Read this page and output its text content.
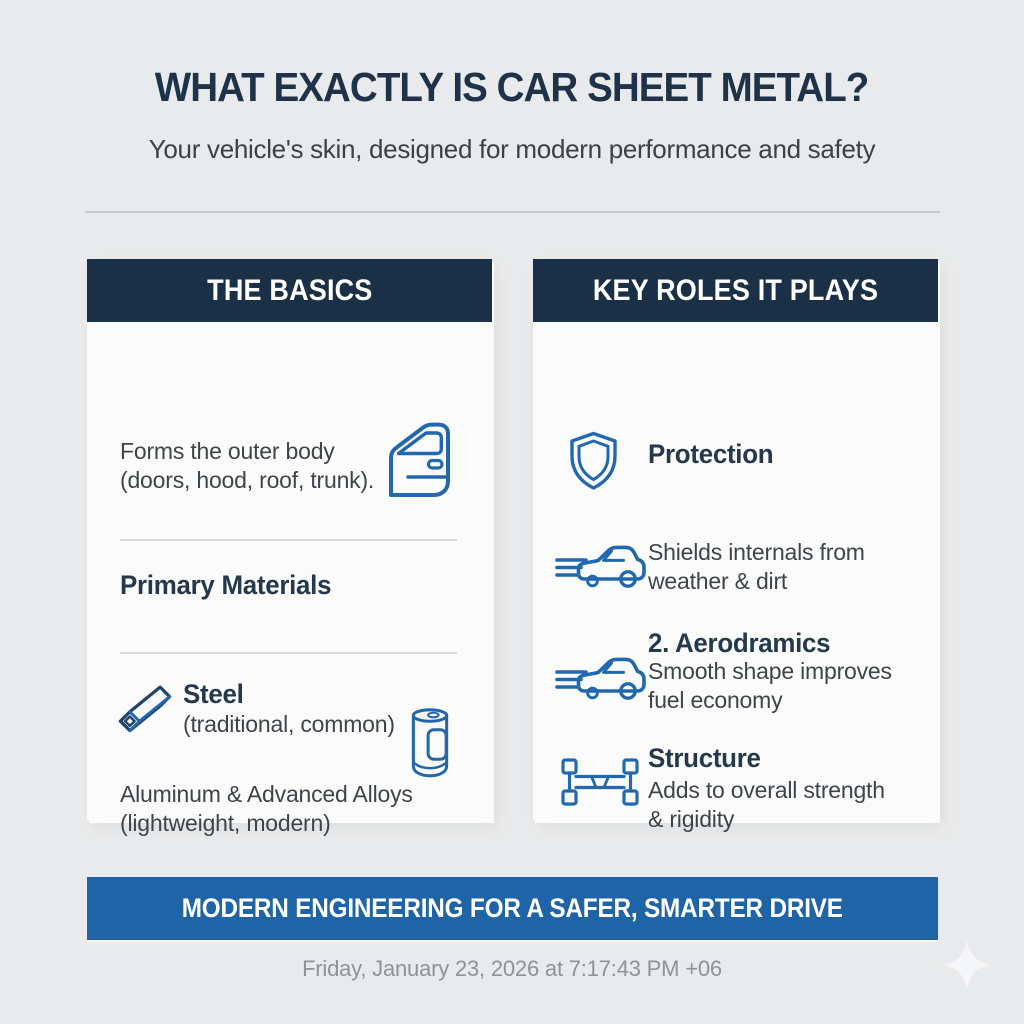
WHAT EXACTLY IS CAR SHEET METAL?
Your vehicle's skin, designed for modern performance and safety
THE BASICS
Forms the outer body
(doors, hood, roof, trunk).
Primary Materials
Steel
(traditional, common)
Aluminum & Advanced Alloys
(lightweight, modern)
KEY ROLES IT PLAYS
Protection
Shields internals from
weather & dirt
2. Aerodramics
Smooth shape improves
fuel economy
Structure
Adds to overall strength
& rigidity
MODERN ENGINEERING FOR A SAFER, SMARTER DRIVE
Friday, January 23, 2026 at 7:17:43 PM +06
